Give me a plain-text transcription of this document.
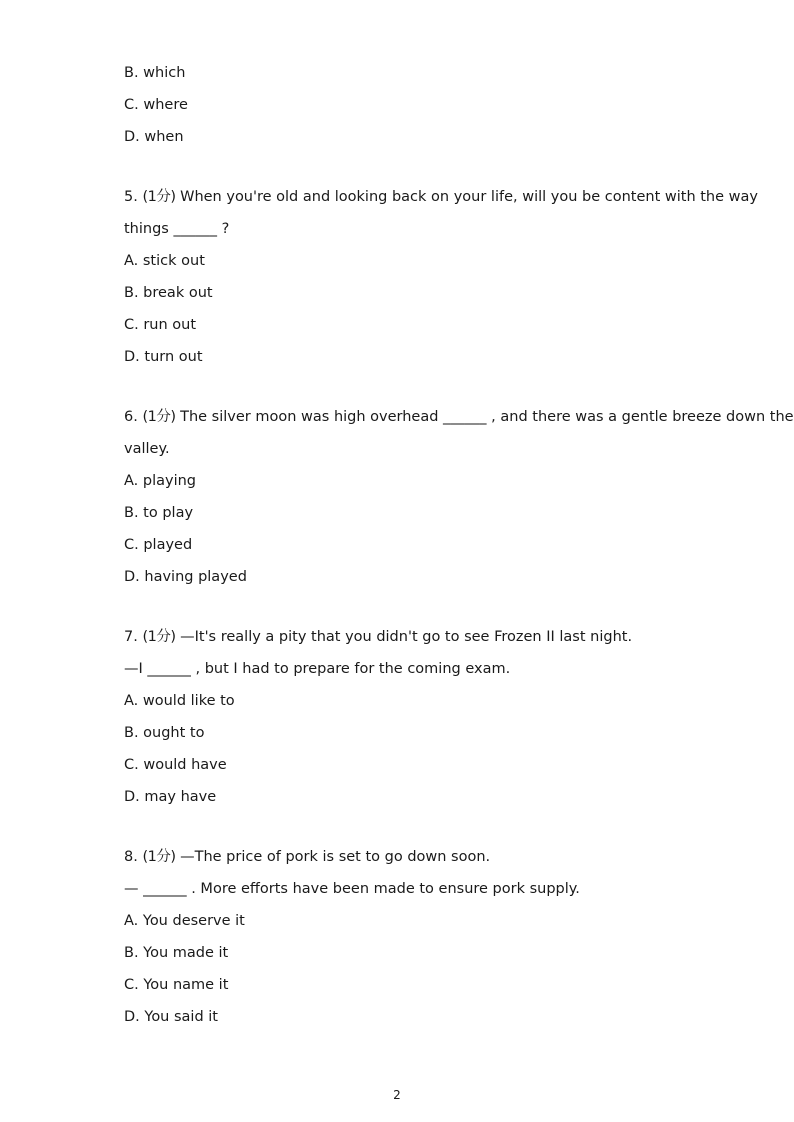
B. which
C. where
D. when
5. (1分) When you're old and looking back on your life, will you be content with the way
things ______ ?
A. stick out
B. break out
C. run out
D. turn out
6. (1分) The silver moon was high overhead ______ , and there was a gentle breeze down the
valley.
A. playing
B. to play
C. played
D. having played
7. (1分) —It's really a pity that you didn't go to see Frozen II last night.
—I ______ , but I had to prepare for the coming exam.
A. would like to
B. ought to
C. would have
D. may have
8. (1分) —The price of pork is set to go down soon.
— ______ . More efforts have been made to ensure pork supply.
A. You deserve it
B. You made it
C. You name it
D. You said it
2
